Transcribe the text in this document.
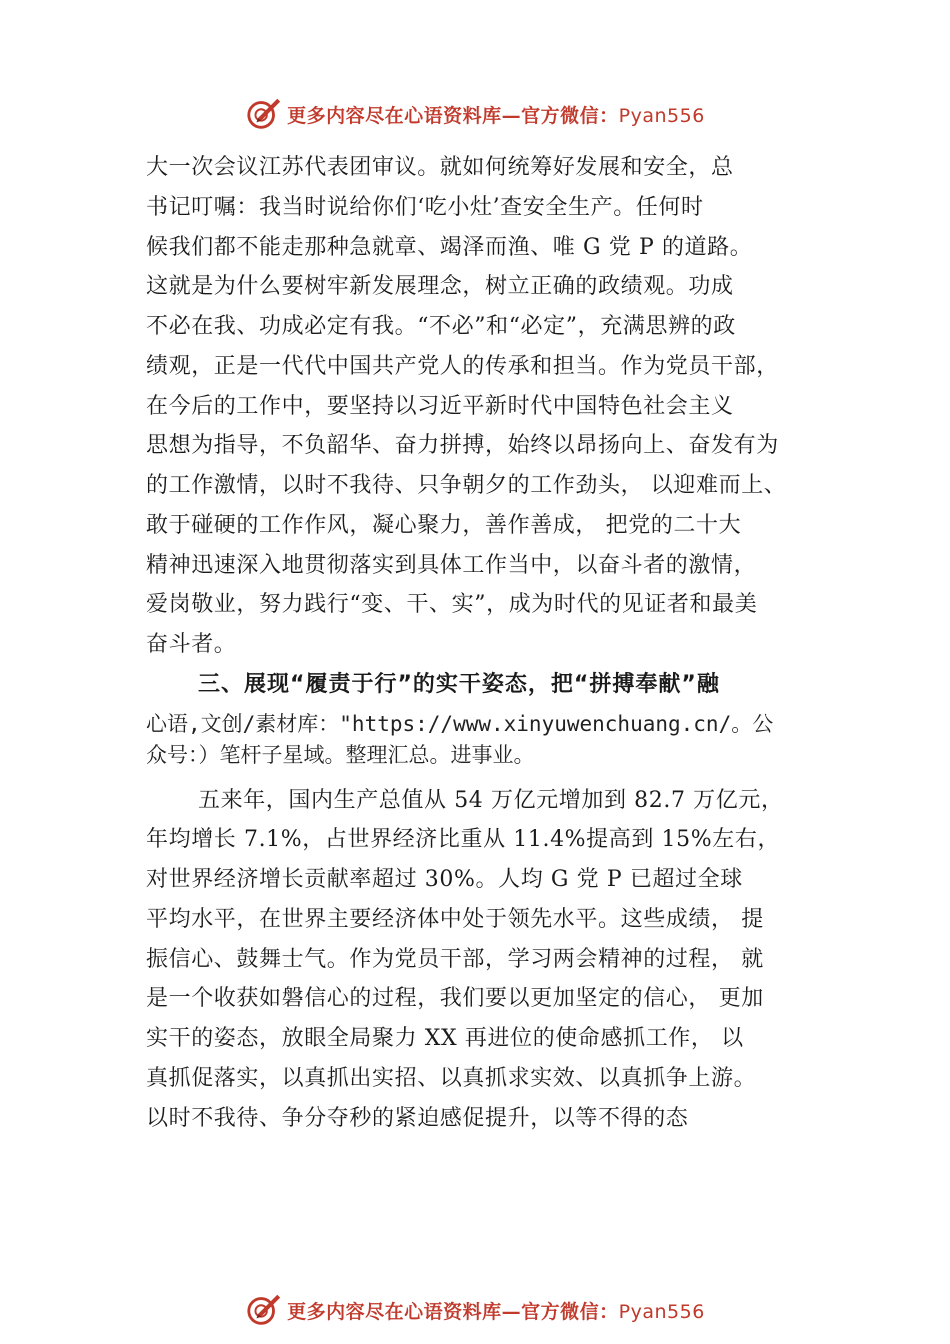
更多内容尽在心语资料库—官方微信：Pyan556
大一次会议江苏代表团审议。就如何统筹好发展和安全，总
书记叮嘱：我当时说给你们‘吃小灶’查安全生产。任何时
候我们都不能走那种急就章、竭泽而渔、唯 G 党 P 的道路。
这就是为什么要树牢新发展理念，树立正确的政绩观。功成
不必在我、功成必定有我。“不必”和“必定”，充满思辨的政
绩观，正是一代代中国共产党人的传承和担当。作为党员干部，
在今后的工作中，要坚持以习近平新时代中国特色社会主义
思想为指导，不负韶华、奋力拼搏，始终以昂扬向上、奋发有为
的工作激情，以时不我待、只争朝夕的工作劲头， 以迎难而上、
敢于碰硬的工作作风，凝心聚力，善作善成， 把党的二十大
精神迅速深入地贯彻落实到具体工作当中，以奋斗者的激情，
爱岗敬业，努力践行“变、干、实”，成为时代的见证者和最美
奋斗者。
三、展现“履责于行”的实干姿态，把“拼搏奉献”融
心语,文创/素材库："https://www.xinyuwenchuang.cn/。公
众号：）笔杆子星域。整理汇总。进事业。
五来年，国内生产总值从 54 万亿元增加到 82.7 万亿元，
年均增长 7.1%，占世界经济比重从 11.4%提高到 15%左右，
对世界经济增长贡献率超过 30%。人均 G 党 P 已超过全球
平均水平，在世界主要经济体中处于领先水平。这些成绩， 提
振信心、鼓舞士气。作为党员干部，学习两会精神的过程， 就
是一个收获如磐信心的过程，我们要以更加坚定的信心， 更加
实干的姿态，放眼全局聚力 XX 再进位的使命感抓工作， 以
真抓促落实，以真抓出实招、以真抓求实效、以真抓争上游。
以时不我待、争分夺秒的紧迫感促提升，以等不得的态
更多内容尽在心语资料库—官方微信：Pyan556
